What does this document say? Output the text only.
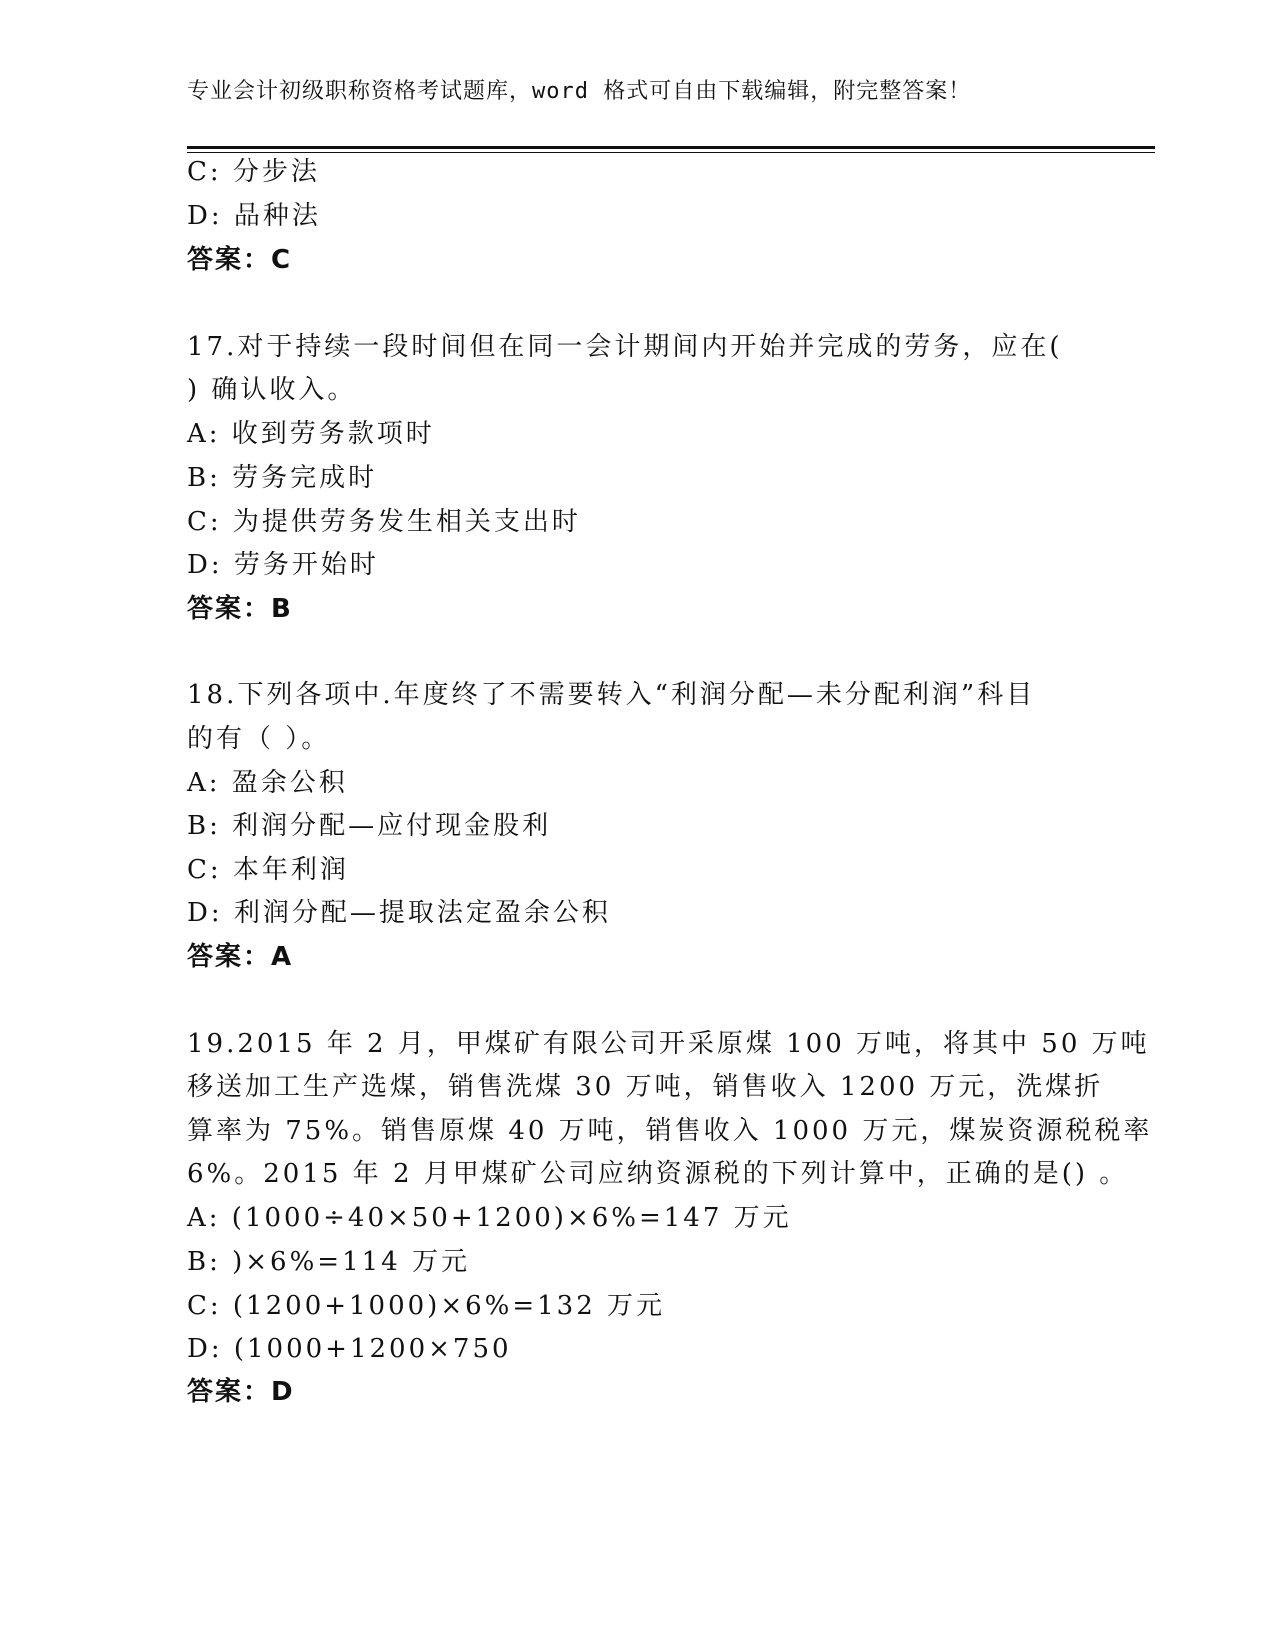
专业会计初级职称资格考试题库，word 格式可自由下载编辑，附完整答案！
C: 分步法
D: 品种法
答案：C
17.对于持续一段时间但在同一会计期间内开始并完成的劳务，应在(
) 确认收入。
A: 收到劳务款项时
B: 劳务完成时
C: 为提供劳务发生相关支出时
D: 劳务开始时
答案：B
18.下列各项中.年度终了不需要转入“利润分配—未分配利润”科目
的有（ ）。
A: 盈余公积
B: 利润分配—应付现金股利
C: 本年利润
D: 利润分配—提取法定盈余公积
答案：A
19.2015 年 2 月，甲煤矿有限公司开采原煤 100 万吨，将其中 50 万吨
移送加工生产选煤，销售洗煤 30 万吨，销售收入 1200 万元，洗煤折
算率为 75%。销售原煤 40 万吨，销售收入 1000 万元，煤炭资源税税率
6%。2015 年 2 月甲煤矿公司应纳资源税的下列计算中，正确的是() 。
A: (1000÷40×50+1200)×6%=147 万元
B: )×6%=114 万元
C: (1200+1000)×6%=132 万元
D: (1000+1200×750
答案：D
